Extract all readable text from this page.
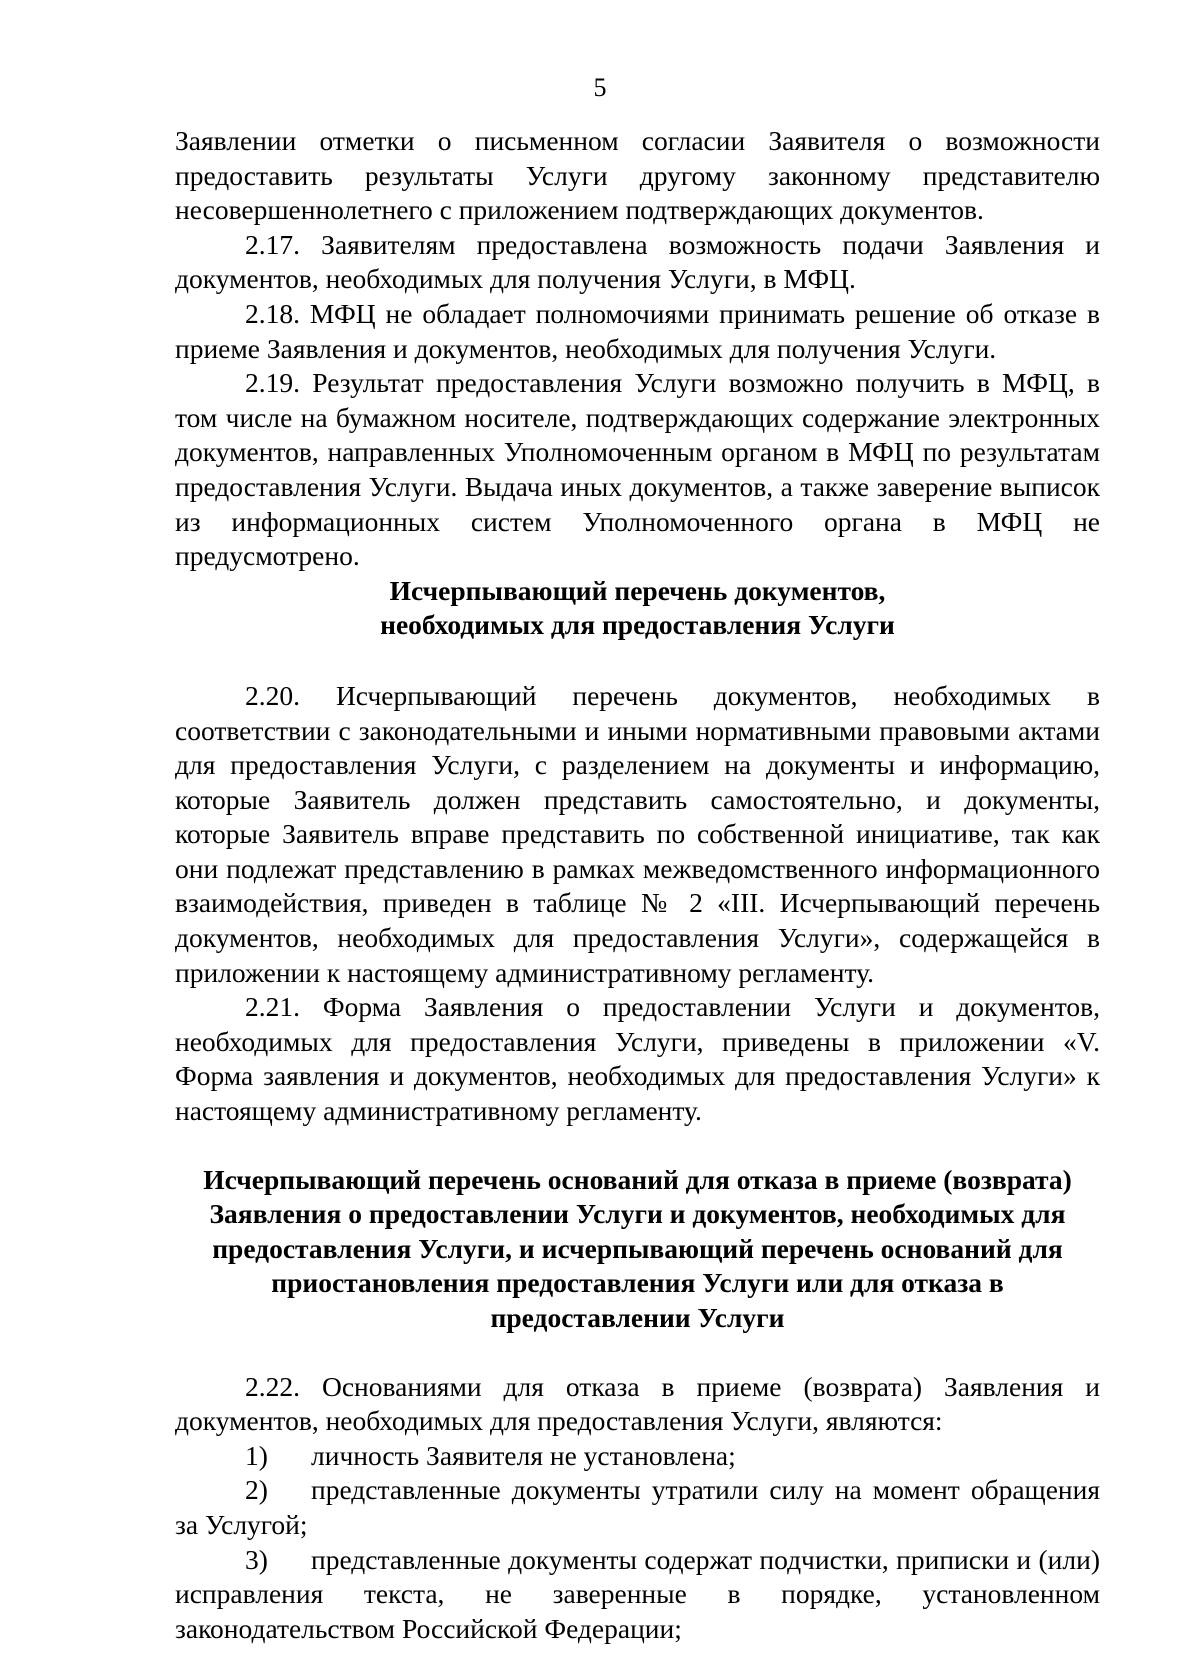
5

Заявлении отметки о письменном согласии Заявителя о возможности предоставить результаты Услуги другому законному представителю несовершеннолетнего с приложением подтверждающих документов.

2.17. Заявителям предоставлена возможность подачи Заявления и документов, необходимых для получения Услуги, в МФЦ.

2.18. МФЦ не обладает полномочиями принимать решение об отказе в приеме Заявления и документов, необходимых для получения Услуги.

2.19. Результат предоставления Услуги возможно получить в МФЦ, в том числе на бумажном носителе, подтверждающих содержание электронных документов, направленных Уполномоченным органом в МФЦ по результатам предоставления Услуги. Выдача иных документов, а также заверение выписок из информационных систем Уполномоченного органа в МФЦ не предусмотрено.

Исчерпывающий перечень документов,
необходимых для предоставления Услуги

2.20. Исчерпывающий перечень документов, необходимых в соответствии с законодательными и иными нормативными правовыми актами для предоставления Услуги, с разделением на документы и информацию, которые Заявитель должен представить самостоятельно, и документы, которые Заявитель вправе представить по собственной инициативе, так как они подлежат представлению в рамках межведомственного информационного взаимодействия, приведен в таблице № 2 «III. Исчерпывающий перечень документов, необходимых для предоставления Услуги», содержащейся в приложении к настоящему административному регламенту.

2.21. Форма Заявления о предоставлении Услуги и документов, необходимых для предоставления Услуги, приведены в приложении «V. Форма заявления и документов, необходимых для предоставления Услуги» к настоящему административному регламенту.

Исчерпывающий перечень оснований для отказа в приеме (возврата)
Заявления о предоставлении Услуги и документов, необходимых для
предоставления Услуги, и исчерпывающий перечень оснований для
приостановления предоставления Услуги или для отказа в
предоставлении Услуги

2.22. Основаниями для отказа в приеме (возврата) Заявления и документов, необходимых для предоставления Услуги, являются:

1) личность Заявителя не установлена;

2) представленные документы утратили силу на момент обращения за Услугой;

3) представленные документы содержат подчистки, приписки и (или) исправления текста, не заверенные в порядке, установленном законодательством Российской Федерации;
